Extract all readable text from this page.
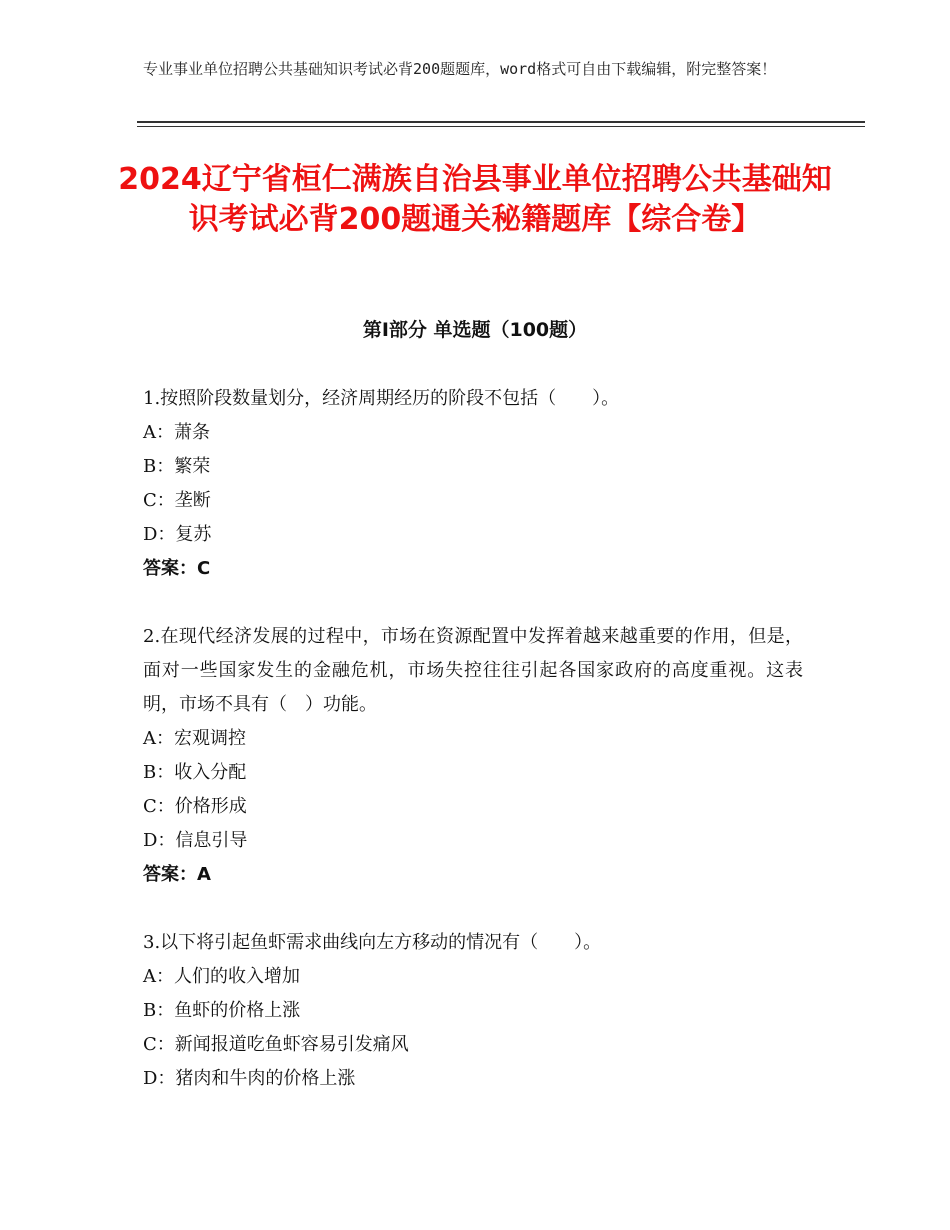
专业事业单位招聘公共基础知识考试必背200题题库，word格式可自由下载编辑，附完整答案！
2024辽宁省桓仁满族自治县事业单位招聘公共基础知识考试必背200题通关秘籍题库【综合卷】
第Ⅰ部分 单选题（100题）
1.按照阶段数量划分，经济周期经历的阶段不包括（　　）。
A：萧条
B：繁荣
C：垄断
D：复苏
答案：C
2.在现代经济发展的过程中，市场在资源配置中发挥着越来越重要的作用，但是，面对一些国家发生的金融危机，市场失控往往引起各国家政府的高度重视。这表明，市场不具有（　）功能。
A：宏观调控
B：收入分配
C：价格形成
D：信息引导
答案：A
3.以下将引起鱼虾需求曲线向左方移动的情况有（　　）。
A：人们的收入增加
B：鱼虾的价格上涨
C：新闻报道吃鱼虾容易引发痛风
D：猪肉和牛肉的价格上涨
